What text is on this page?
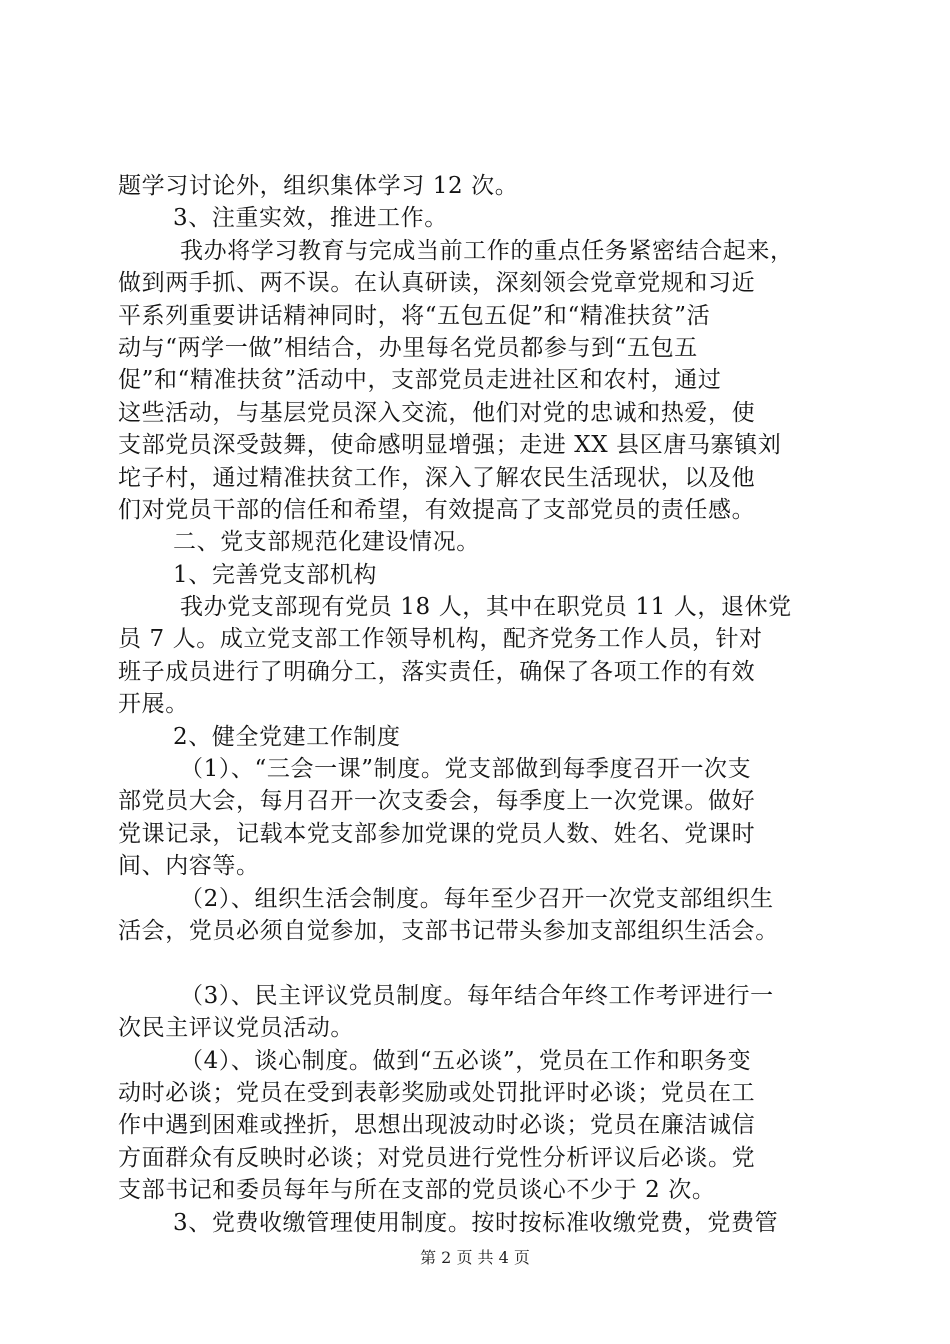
题学习讨论外，组织集体学习 12 次。
3、注重实效，推进工作。
我办将学习教育与完成当前工作的重点任务紧密结合起来，
做到两手抓、两不误。在认真研读，深刻领会党章党规和习近
平系列重要讲话精神同时，将“五包五促”和“精准扶贫”活
动与“两学一做”相结合，办里每名党员都参与到“五包五
促”和“精准扶贫”活动中，支部党员走进社区和农村，通过
这些活动，与基层党员深入交流，他们对党的忠诚和热爱，使
支部党员深受鼓舞，使命感明显增强；走进 XX 县区唐马寨镇刘
坨子村，通过精准扶贫工作，深入了解农民生活现状，以及他
们对党员干部的信任和希望，有效提高了支部党员的责任感。
二、党支部规范化建设情况。
1、完善党支部机构
我办党支部现有党员 18 人，其中在职党员 11 人，退休党
员 7 人。成立党支部工作领导机构，配齐党务工作人员，针对
班子成员进行了明确分工，落实责任，确保了各项工作的有效
开展。
2、健全党建工作制度
（1）、“三会一课”制度。党支部做到每季度召开一次支
部党员大会，每月召开一次支委会，每季度上一次党课。做好
党课记录，记载本党支部参加党课的党员人数、姓名、党课时
间、内容等。
（2）、组织生活会制度。每年至少召开一次党支部组织生
活会，党员必须自觉参加，支部书记带头参加支部组织生活会。
（3）、民主评议党员制度。每年结合年终工作考评进行一
次民主评议党员活动。
（4）、谈心制度。做到“五必谈”，党员在工作和职务变
动时必谈；党员在受到表彰奖励或处罚批评时必谈；党员在工
作中遇到困难或挫折，思想出现波动时必谈；党员在廉洁诚信
方面群众有反映时必谈；对党员进行党性分析评议后必谈。党
支部书记和委员每年与所在支部的党员谈心不少于 2 次。
3、党费收缴管理使用制度。按时按标准收缴党费，党费管
第 2 页 共 4 页
